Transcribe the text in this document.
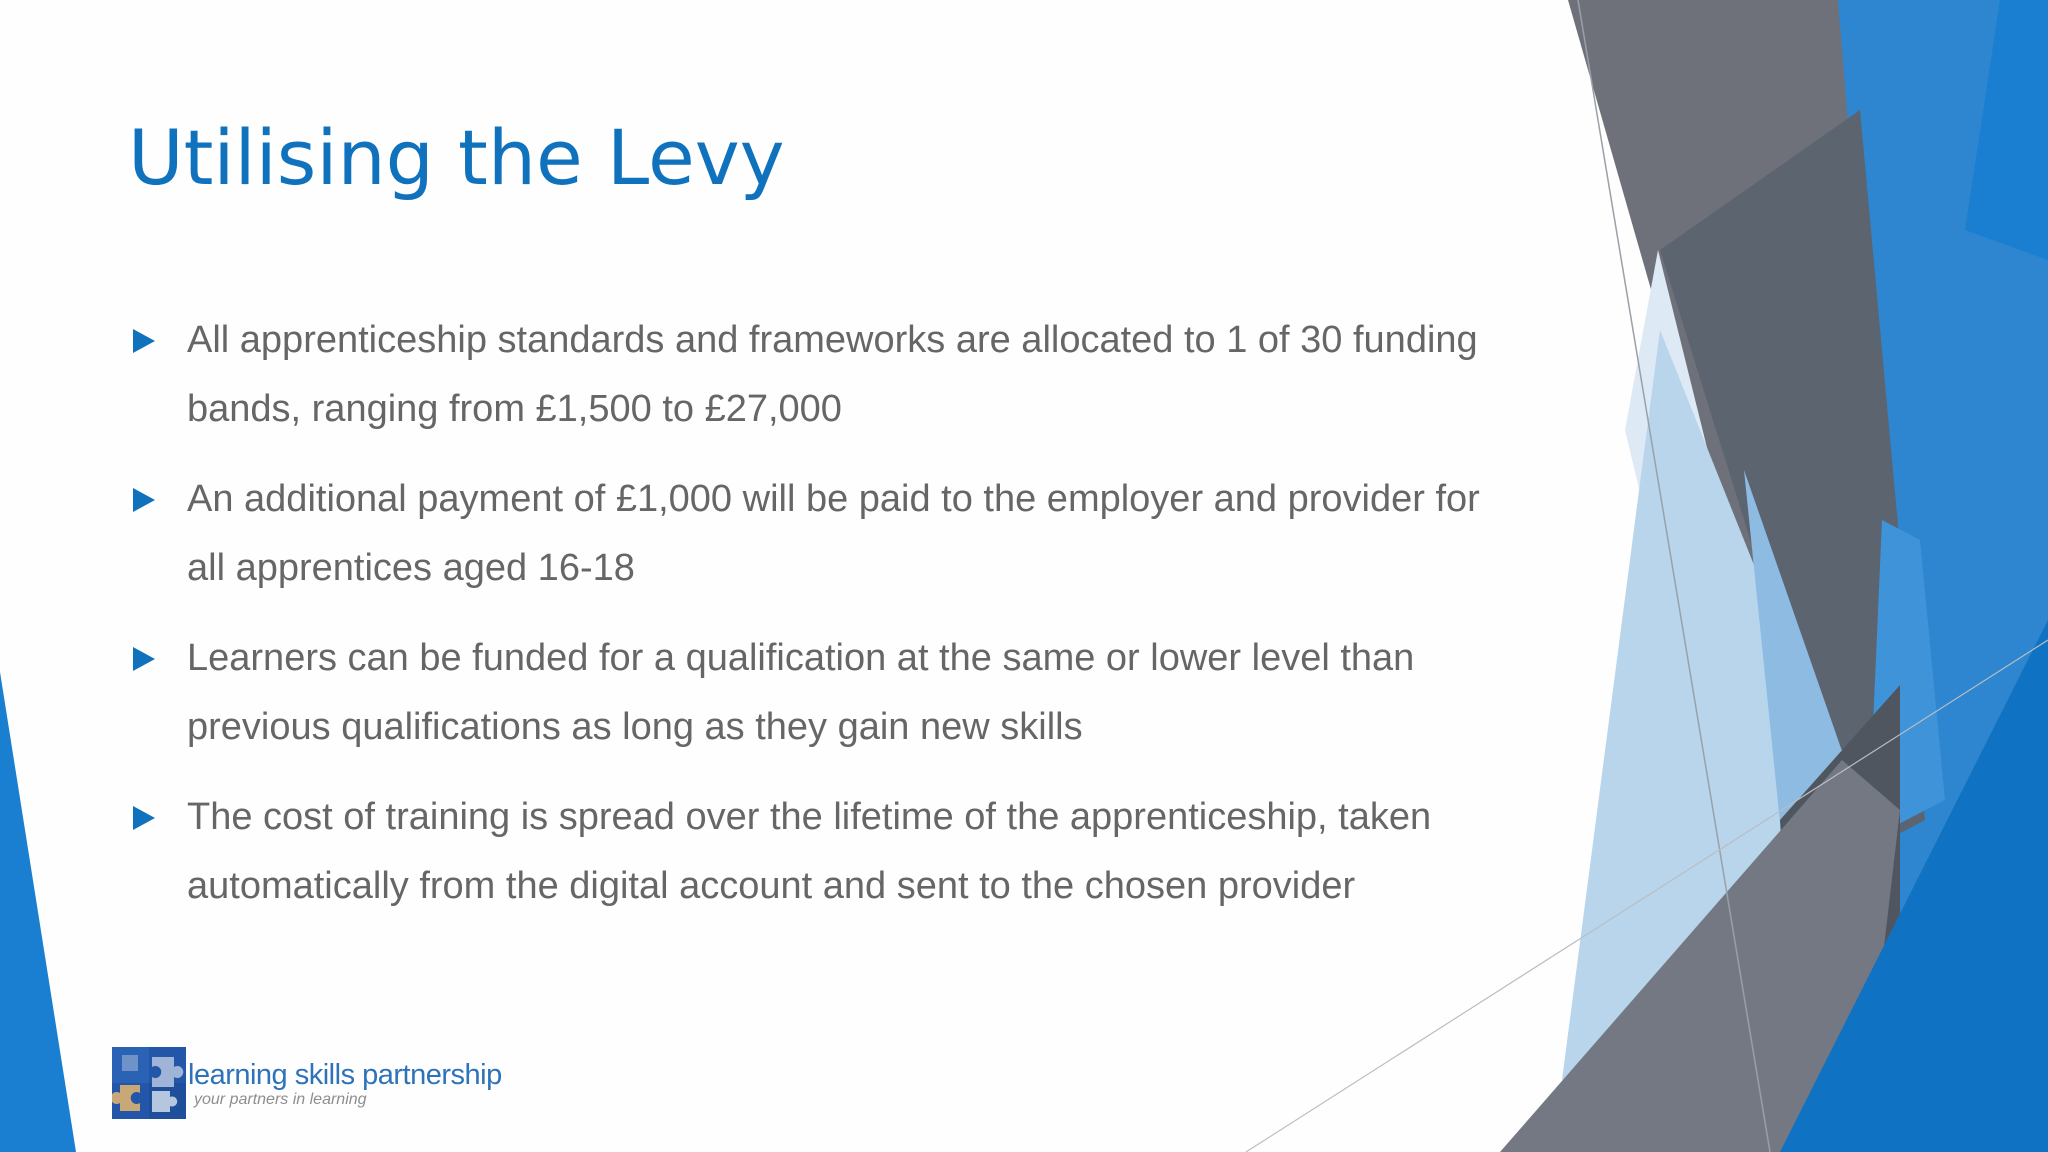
Utilising the Levy
All apprenticeship standards and frameworks are allocated to 1 of 30 funding bands, ranging from £1,500 to £27,000
An additional payment of £1,000 will be paid to the employer and provider for all apprentices aged 16-18
Learners can be funded for a qualification at the same or lower level than previous qualifications as long as they gain new skills
The cost of training is spread over the lifetime of the apprenticeship, taken automatically from the digital account and sent to the chosen provider
learning skills partnership
your partners in learning
